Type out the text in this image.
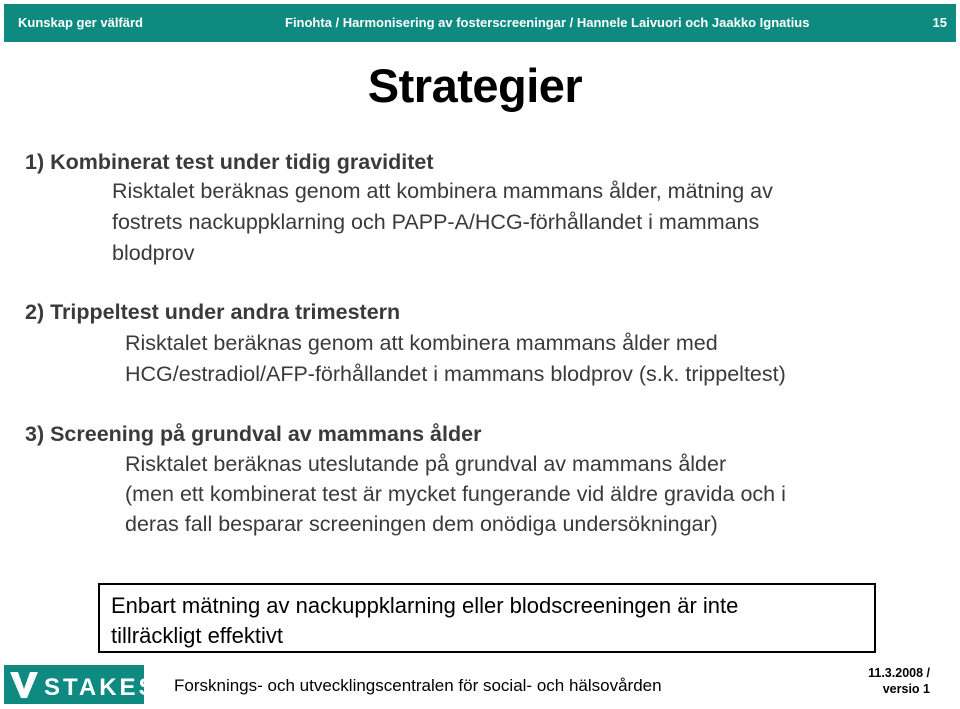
Kunskap ger välfärd	Finohta / Harmonisering av fosterscreeningar / Hannele Laivuori och Jaakko Ignatius	15
Strategier
1) Kombinerat test under tidig graviditet
Risktalet beräknas genom att kombinera mammans ålder, mätning av
fostrets nackuppklarning och PAPP-A/HCG-förhållandet i mammans
blodprov
2) Trippeltest under andra trimestern
Risktalet beräknas genom att kombinera mammans ålder med
HCG/estradiol/AFP-förhållandet i mammans blodprov (s.k. trippeltest)
3) Screening på grundval av mammans ålder
Risktalet beräknas uteslutande på grundval av mammans ålder
(men ett kombinerat test är mycket fungerande vid äldre gravida och i
deras fall besparar screeningen dem onödiga undersökningar)
Enbart mätning av nackuppklarning eller blodscreeningen är inte
tillräckligt effektivt
STAKES Forsknings- och utvecklingscentralen för social- och hälsovården
11.3.2008 /
versio 1
